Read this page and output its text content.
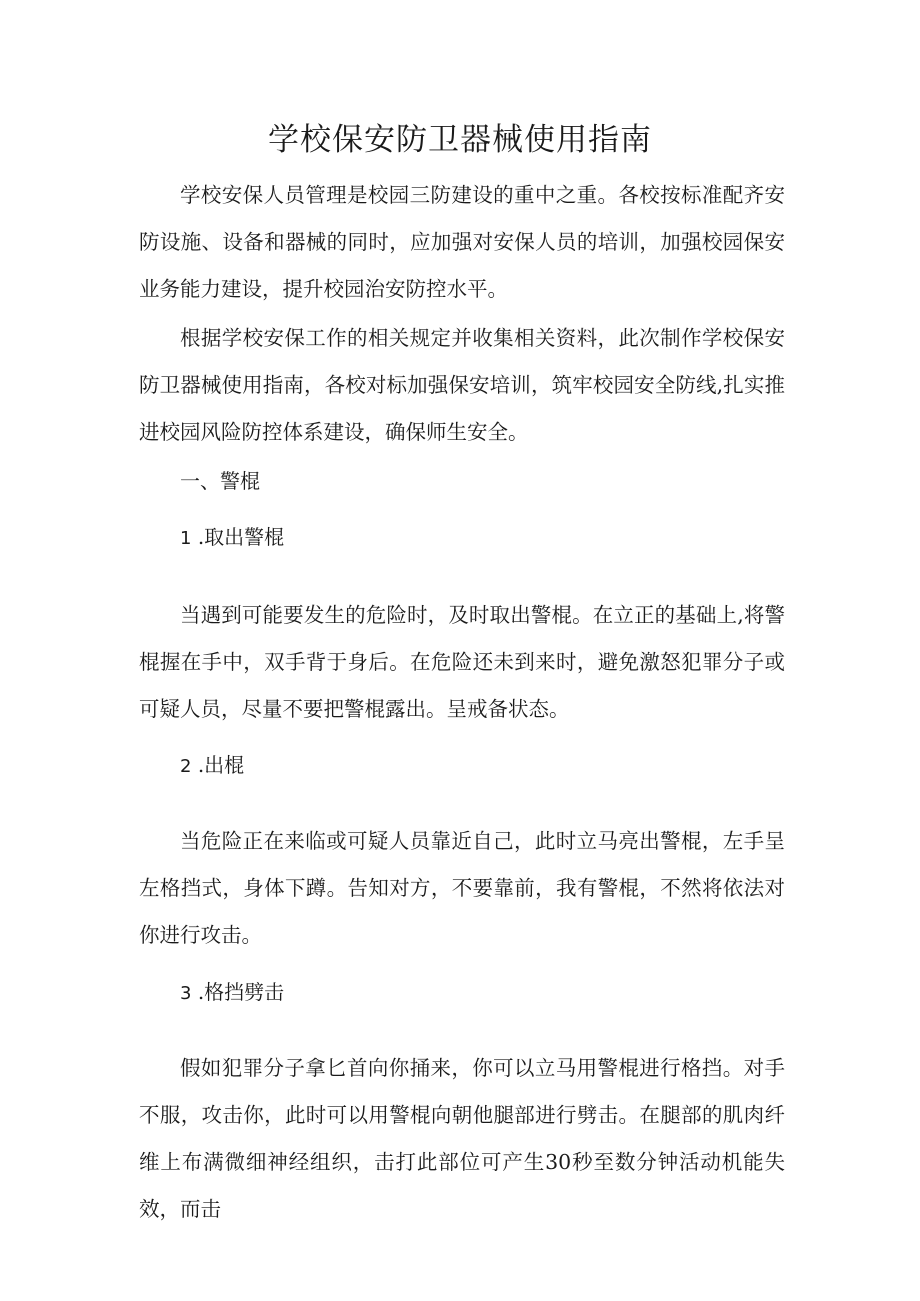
学校保安防卫器械使用指南

学校安保人员管理是校园三防建设的重中之重。各校按标准配齐安防设施、设备和器械的同时，应加强对安保人员的培训，加强校园保安业务能力建设，提升校园治安防控水平。

根据学校安保工作的相关规定并收集相关资料，此次制作学校保安防卫器械使用指南，各校对标加强保安培训，筑牢校园安全防线,扎实推进校园风险防控体系建设，确保师生安全。

一、警棍
1 .取出警棍

当遇到可能要发生的危险时，及时取出警棍。在立正的基础上,将警棍握在手中，双手背于身后。在危险还未到来时，避免激怒犯罪分子或可疑人员，尽量不要把警棍露出。呈戒备状态。

2 .出棍

当危险正在来临或可疑人员靠近自己，此时立马亮出警棍，左手呈左格挡式，身体下蹲。告知对方，不要靠前，我有警棍，不然将依法对你进行攻击。

3 .格挡劈击

假如犯罪分子拿匕首向你捅来，你可以立马用警棍进行格挡。对手不服，攻击你，此时可以用警棍向朝他腿部进行劈击。在腿部的肌肉纤维上布满微细神经组织，击打此部位可产生30秒至数分钟活动机能失效，而击
